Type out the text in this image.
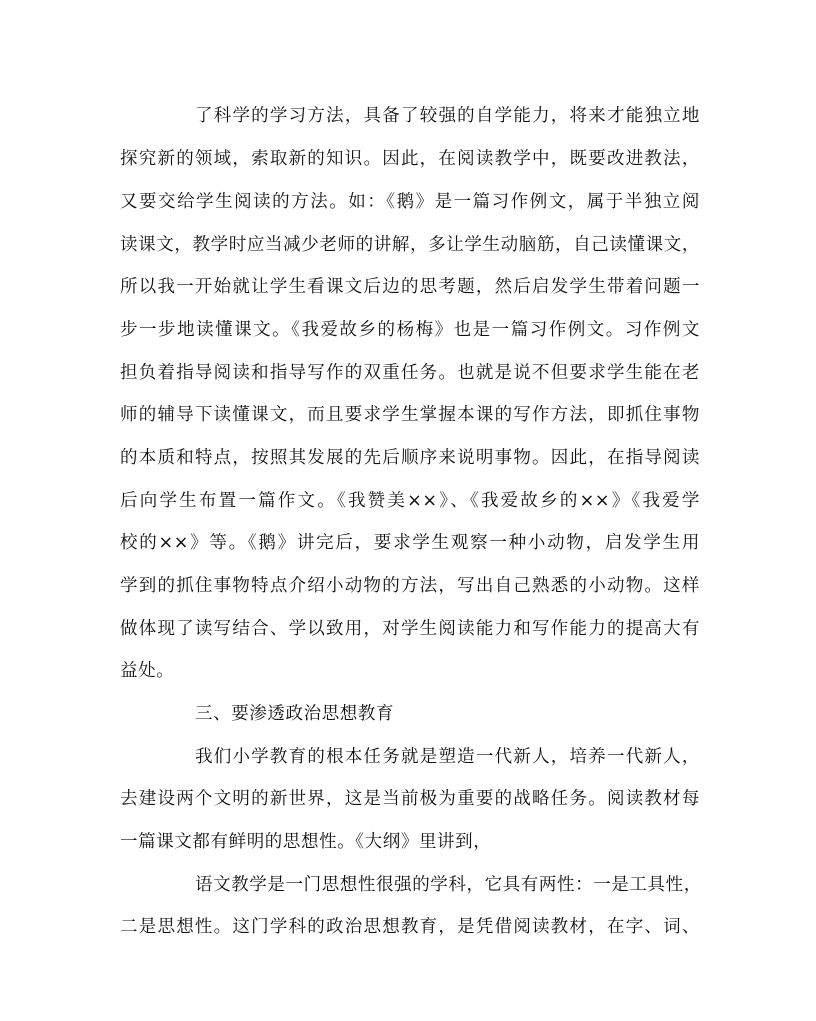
了科学的学习方法，具备了较强的自学能力，将来才能独立地
探究新的领域，索取新的知识。因此，在阅读教学中，既要改进教法，
又要交给学生阅读的方法。如：《鹅》是一篇习作例文，属于半独立阅
读课文，教学时应当减少老师的讲解，多让学生动脑筋，自己读懂课文，
所以我一开始就让学生看课文后边的思考题，然后启发学生带着问题一
步一步地读懂课文。《我爱故乡的杨梅》也是一篇习作例文。习作例文
担负着指导阅读和指导写作的双重任务。也就是说不但要求学生能在老
师的辅导下读懂课文，而且要求学生掌握本课的写作方法，即抓住事物
的本质和特点，按照其发展的先后顺序来说明事物。因此，在指导阅读
后向学生布置一篇作文。《我赞美××》、《我爱故乡的××》《我爱学
校的××》等。《鹅》讲完后，要求学生观察一种小动物，启发学生用
学到的抓住事物特点介绍小动物的方法，写出自己熟悉的小动物。这样
做体现了读写结合、学以致用，对学生阅读能力和写作能力的提高大有
益处。
三、要渗透政治思想教育
我们小学教育的根本任务就是塑造一代新人，培养一代新人，
去建设两个文明的新世界，这是当前极为重要的战略任务。阅读教材每
一篇课文都有鲜明的思想性。《大纲》里讲到，
语文教学是一门思想性很强的学科，它具有两性：一是工具性，
二是思想性。这门学科的政治思想教育，是凭借阅读教材，在字、词、
